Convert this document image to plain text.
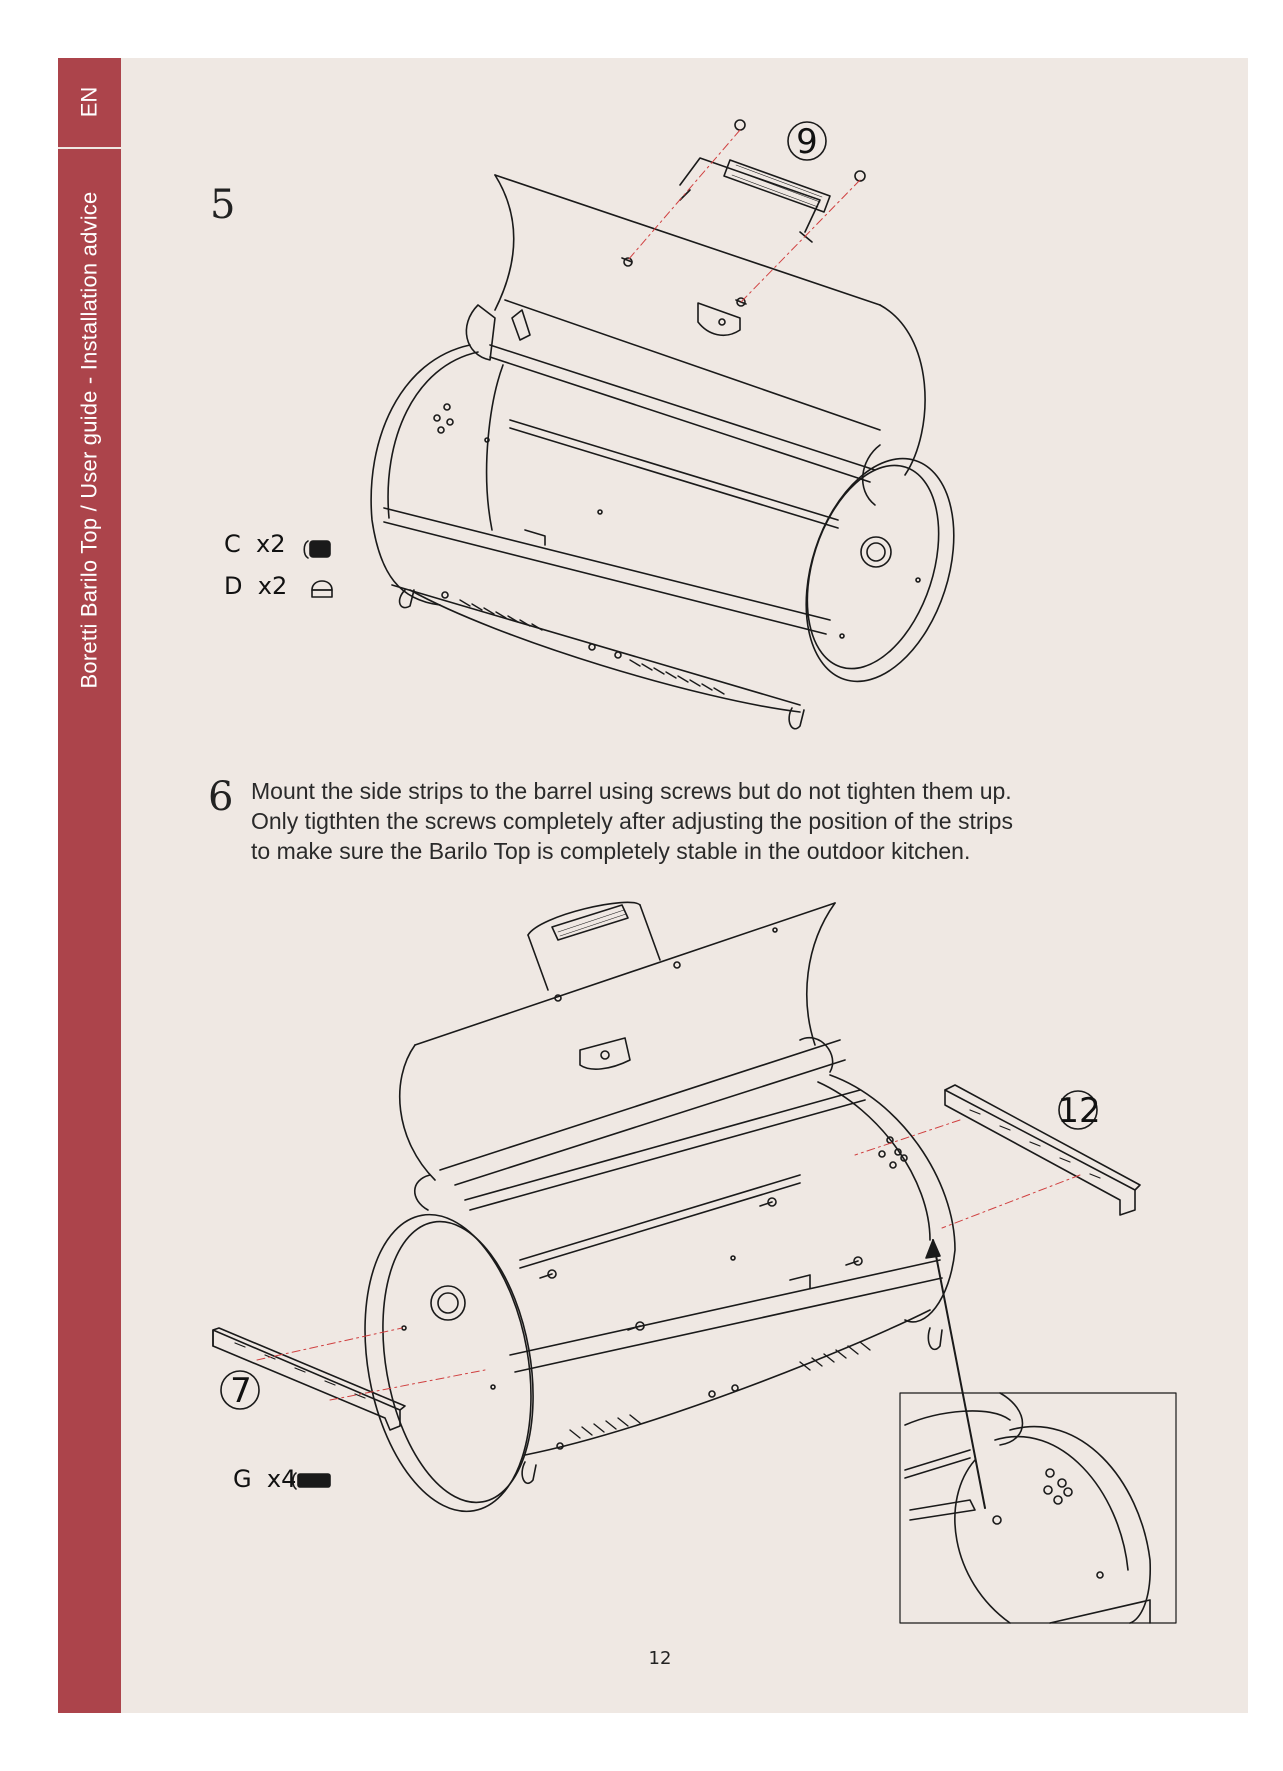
EN
Boretti Barilo Top / User guide - Installation advice	5
C x2
D x2
6 Mount the side strips to the barrel using screws but do not tighten them up.
Only tigthten the screws completely after adjusting the position of the strips
to make sure the Barilo Top is completely stable in the outdoor kitchen.
G x4
12
9
12
7
